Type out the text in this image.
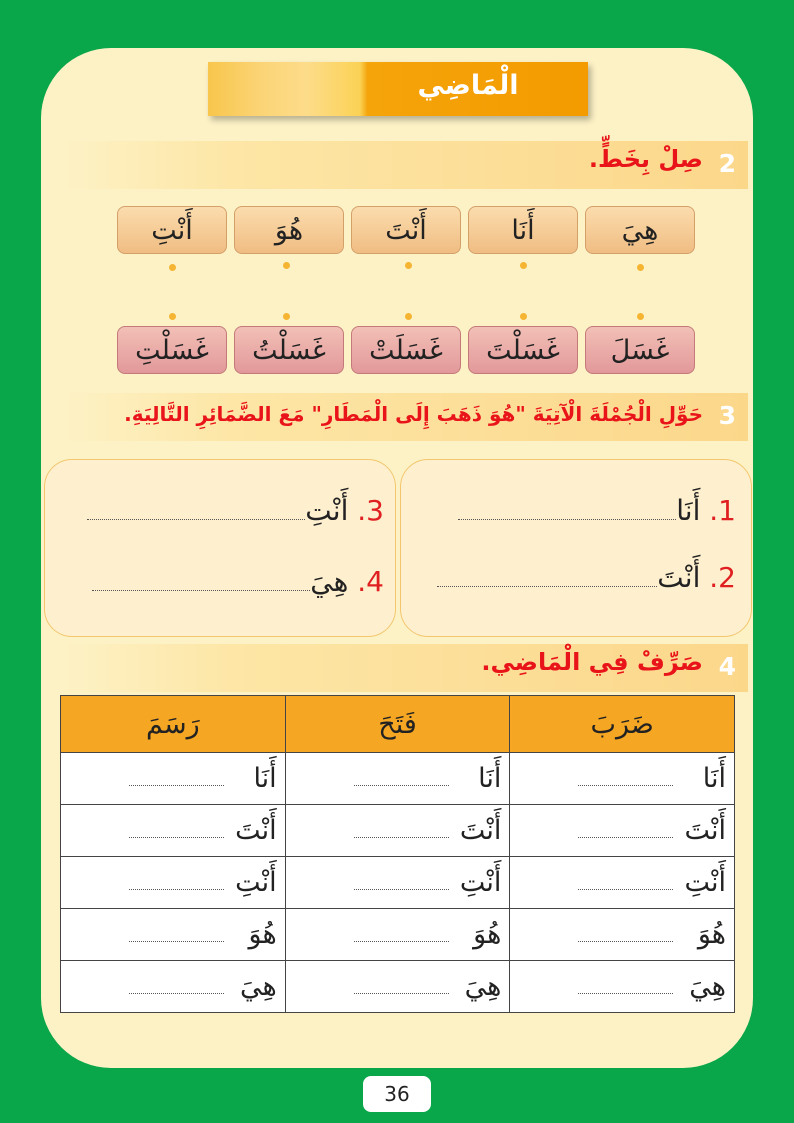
الْمَاضِي
2
صِلْ بِخَطٍّ.
هِيَ
أَنَا
أَنْتَ
هُوَ
أَنْتِ
غَسَلَ
غَسَلْتَ
غَسَلَتْ
غَسَلْتُ
غَسَلْتِ
3
حَوِّلِ الْجُمْلَةَ الْآتِيَةَ "هُوَ ذَهَبَ إِلَى الْمَطَارِ" مَعَ الضَّمَائِرِ التَّالِيَةِ.
1. أَنَا
2. أَنْتَ
3. أَنْتِ
4. هِيَ
4
صَرِّفْ فِي الْمَاضِي.
ضَرَبَ	فَتَحَ	رَسَمَ

أَنَا	أَنَا	أَنَا

أَنْتَ	أَنْتَ	أَنْتَ

أَنْتِ	أَنْتِ	أَنْتِ

هُوَ	هُوَ	هُوَ

هِيَ	هِيَ	هِيَ
36
